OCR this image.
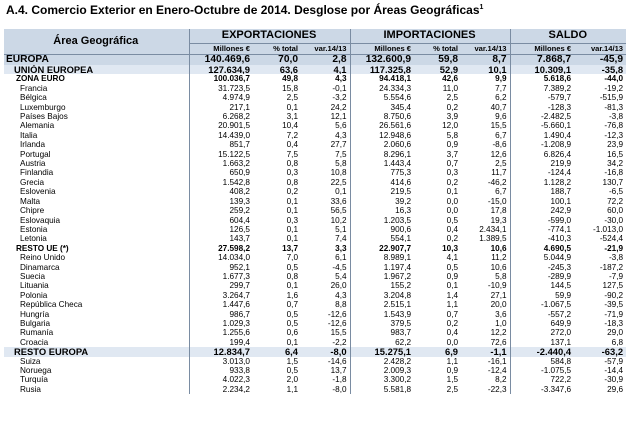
A.4. Comercio Exterior en Enero-Octubre de 2014. Desglose por Áreas Geográficas$^1$
Área Geográfica	EXPORTACIONES			IMPORTACIONES			SALDO	
	Millones €	% total	var.14/13	Millones €	% total	var.14/13	Millones €	var.14/13
EUROPA	140.469,6	70,0	2,8	132.600,9	59,8	8,7	7.868,7	-45,9
UNIÓN EUROPEA	127.634,9	63,6	4,1	117.325,8	52,9	10,1	10.309,1	-35,8
ZONA EURO	100.036,7	49,8	4,3	94.418,1	42,6	9,9	5.618,6	-44,0
Francia	31.723,5	15,8	-0,1	24.334,3	11,0	7,7	7.389,2	-19,2
Bélgica	4.974,9	2,5	-3,2	5.554,6	2,5	6,2	-579,7	-515,9
Luxemburgo	217,1	0,1	24,2	345,4	0,2	40,7	-128,3	-81,3
Países Bajos	6.268,2	3,1	12,1	8.750,6	3,9	9,6	-2.482,5	-3,8
Alemania	20.901,5	10,4	5,6	26.561,6	12,0	15,5	-5.660,1	-76,8
Italia	14.439,0	7,2	4,3	12.948,6	5,8	6,7	1.490,4	-12,3
Irlanda	851,7	0,4	27,7	2.060,6	0,9	-8,6	-1.208,9	23,9
Portugal	15.122,5	7,5	7,5	8.296,1	3,7	12,6	6.826,4	16,5
Austria	1.663,2	0,8	5,8	1.443,4	0,7	2,5	219,9	34,2
Finlandia	650,9	0,3	10,8	775,3	0,3	11,7	-124,4	-16,8
Grecia	1.542,8	0,8	22,5	414,6	0,2	-46,2	1.128,2	130,7
Eslovenia	408,2	0,2	0,1	219,5	0,1	6,7	188,7	-6,5
Malta	139,3	0,1	33,6	39,2	0,0	-15,0	100,1	72,2
Chipre	259,2	0,1	56,5	16,3	0,0	17,8	242,9	60,0
Eslovaquia	604,4	0,3	10,2	1.203,5	0,5	19,3	-599,0	-30,0
Estonia	126,5	0,1	5,1	900,6	0,4	2.434,1	-774,1	-1.013,0
Letonia	143,7	0,1	7,4	554,1	0,2	1.389,5	-410,3	-524,4
RESTO UE (*)	27.598,2	13,7	3,3	22.907,7	10,3	10,6	4.690,5	-21,9
Reino Unido	14.034,0	7,0	6,1	8.989,1	4,1	11,2	5.044,9	-3,8
Dinamarca	952,1	0,5	-4,5	1.197,4	0,5	10,6	-245,3	-187,2
Suecia	1.677,3	0,8	5,4	1.967,2	0,9	5,8	-289,9	-7,9
Lituania	299,7	0,1	26,0	155,2	0,1	-10,9	144,5	127,5
Polonia	3.264,7	1,6	4,3	3.204,8	1,4	27,1	59,9	-90,2
República Checa	1.447,6	0,7	8,8	2.515,1	1,1	20,0	-1.067,5	-39,5
Hungría	986,7	0,5	-12,6	1.543,9	0,7	3,6	-557,2	-71,9
Bulgaria	1.029,3	0,5	-12,6	379,5	0,2	1,0	649,9	-18,3
Rumanía	1.255,6	0,6	15,5	983,7	0,4	12,2	272,0	29,0
Croacia	199,4	0,1	-2,2	62,2	0,0	72,6	137,1	6,8
RESTO EUROPA	12.834,7	6,4	-8,0	15.275,1	6,9	-1,1	-2.440,4	-63,2
Suiza	3.013,0	1,5	-14,6	2.428,2	1,1	-16,1	584,8	-57,9
Noruega	933,8	0,5	13,7	2.009,3	0,9	-12,4	-1.075,5	-14,4
Turquía	4.022,3	2,0	-1,8	3.300,2	1,5	8,2	722,2	-30,9
Rusia	2.234,2	1,1	-8,0	5.581,8	2,5	-22,3	-3.347,6	29,6
